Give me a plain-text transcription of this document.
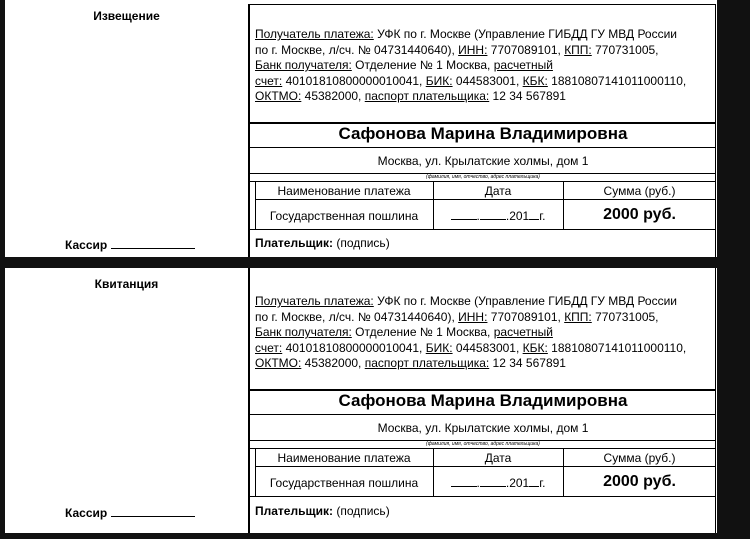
Извещение
Кассир
Получатель платежа: УФК по г. Москве (Управление ГИБДД ГУ МВД России
по г. Москве, л/сч. № 04731440640), ИНН: 7707089101, КПП: 770731005,
Банк получателя: Отделение № 1 Москва, расчетный
счет: 40101810800000010041, БИК: 044583001, КБК: 18810807141011000110,
ОКТМО: 45382000, паспорт плательщика: 12 34 567891
Сафонова Марина Владимировна
Москва, ул. Крылатские холмы, дом 1
(фамилия, имя, отчество, адрес плательщика)
Наименование платежа	Дата	Сумма (руб.)
Государственная пошлина	. .201 г.	2000 руб.
Плательщик: (подпись)
Квитанция
Кассир
Получатель платежа: УФК по г. Москве (Управление ГИБДД ГУ МВД России
по г. Москве, л/сч. № 04731440640), ИНН: 7707089101, КПП: 770731005,
Банк получателя: Отделение № 1 Москва, расчетный
счет: 40101810800000010041, БИК: 044583001, КБК: 18810807141011000110,
ОКТМО: 45382000, паспорт плательщика: 12 34 567891
Сафонова Марина Владимировна
Москва, ул. Крылатские холмы, дом 1
(фамилия, имя, отчество, адрес плательщика)
Наименование платежа	Дата	Сумма (руб.)
Государственная пошлина	. .201 г.	2000 руб.
Плательщик: (подпись)
